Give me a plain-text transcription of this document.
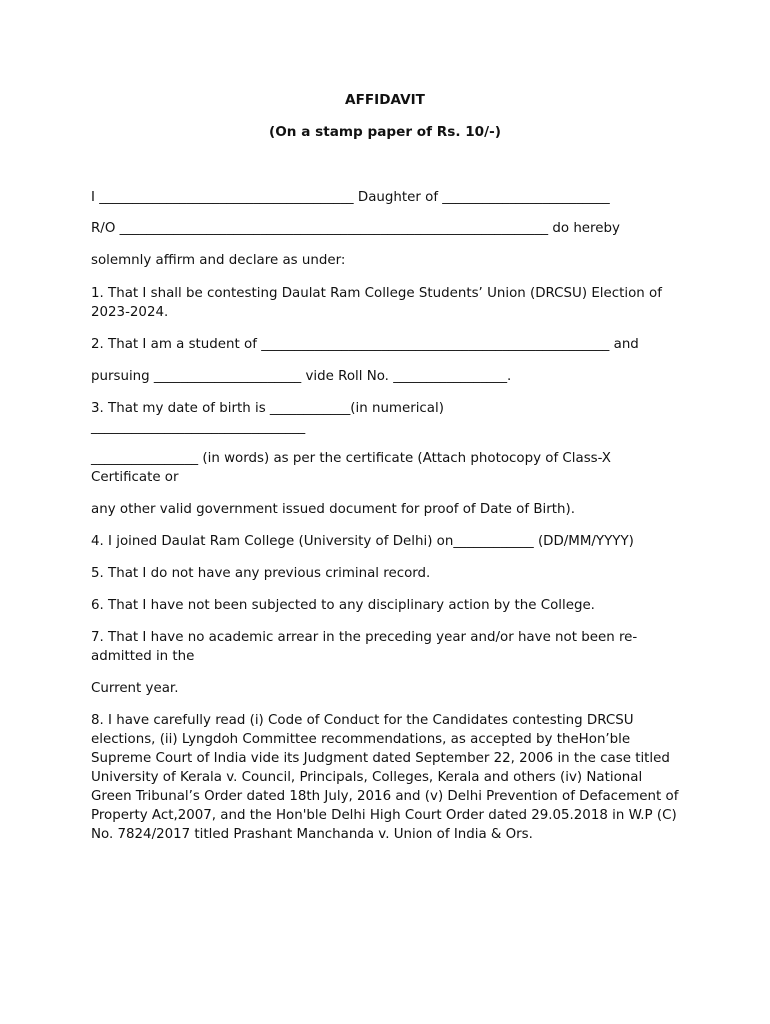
AFFIDAVIT
(On a stamp paper of Rs. 10/-)
I ______________________________________ Daughter of _________________________
R/O ________________________________________________________________ do hereby
solemnly affirm and declare as under:
1. That I shall be contesting Daulat Ram College Students’ Union (DRCSU) Election of 2023-2024.
2. That I am a student of ____________________________________________________ and
pursuing ______________________ vide Roll No. _________________.
3. That my date of birth is ____________(in numerical)
________________________________
________________ (in words) as per the certificate (Attach photocopy of Class-X Certificate or
any other valid government issued document for proof of Date of Birth).
4. I joined Daulat Ram College (University of Delhi) on____________ (DD/MM/YYYY)
5. That I do not have any previous criminal record.
6. That I have not been subjected to any disciplinary action by the College.
7. That I have no academic arrear in the preceding year and/or have not been re-admitted in the
Current year.
8. I have carefully read (i) Code of Conduct for the Candidates contesting DRCSU elections, (ii) Lyngdoh Committee recommendations, as accepted by theHon’ble Supreme Court of India vide its Judgment dated September 22, 2006 in the case titled University of Kerala v. Council, Principals, Colleges, Kerala and others (iv) National Green Tribunal’s Order dated 18th July, 2016 and (v) Delhi Prevention of Defacement of Property Act,2007, and the Hon'ble Delhi High Court Order dated 29.05.2018 in W.P (C) No. 7824/2017 titled Prashant Manchanda v. Union of India & Ors.
